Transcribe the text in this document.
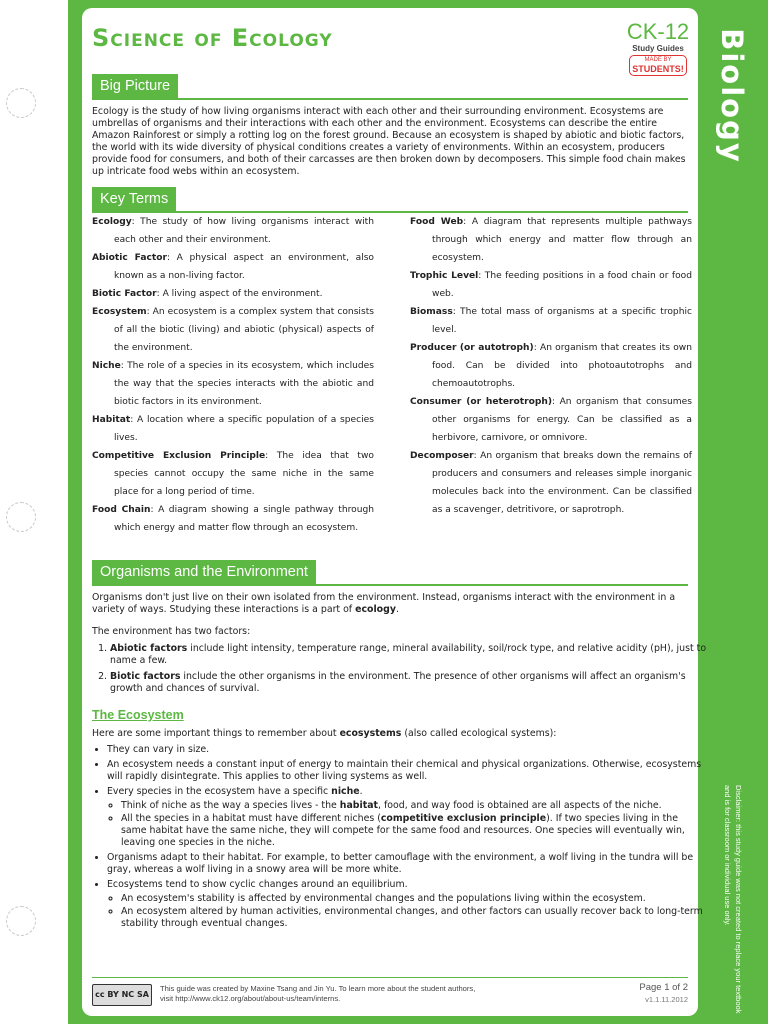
Biology
Disclaimer: this study guide was not created to replace your textbook and is for classroom or individual use only.
Science of Ecology	CK-12
Study Guides
MADE BY
STUDENTS!
Big Picture

Ecology is the study of how living organisms interact with each other and their surrounding environment. Ecosystems are umbrellas of organisms and their interactions with each other and the environment. Ecosystems can describe the entire Amazon Rainforest or simply a rotting log on the forest ground. Because an ecosystem is shaped by abiotic and biotic factors, the world with its wide diversity of physical conditions creates a variety of environments. Within an ecosystem, producers provide food for consumers, and both of their carcasses are then broken down by decomposers. This simple food chain makes up intricate food webs within an ecosystem.

Key Terms
Ecology: The study of how living organisms interact with each other and their environment.
Abiotic Factor: A physical aspect an environment, also known as a non-living factor.
Biotic Factor: A living aspect of the environment.
Ecosystem: An ecosystem is a complex system that consists of all the biotic (living) and abiotic (physical) aspects of the environment.
Niche: The role of a species in its ecosystem, which includes the way that the species interacts with the abiotic and biotic factors in its environment.
Habitat: A location where a specific population of a species lives.
Competitive Exclusion Principle: The idea that two species cannot occupy the same niche in the same place for a long period of time.
Food Chain: A diagram showing a single pathway through which energy and matter flow through an ecosystem.
Food Web: A diagram that represents multiple pathways through which energy and matter flow through an ecosystem.
Trophic Level: The feeding positions in a food chain or food web.
Biomass: The total mass of organisms at a specific trophic level.
Producer (or autotroph): An organism that creates its own food. Can be divided into photoautotrophs and chemoautotrophs.
Consumer (or heterotroph): An organism that consumes other organisms for energy. Can be classified as a herbivore, carnivore, or omnivore.
Decomposer: An organism that breaks down the remains of producers and consumers and releases simple inorganic molecules back into the environment. Can be classified as a scavenger, detritivore, or saprotroph.
Organisms and the Environment

Organisms don't just live on their own isolated from the environment. Instead, organisms interact with the environment in a variety of ways. Studying these interactions is a part of ecology.

The environment has two factors:

1. Abiotic factors include light intensity, temperature range, mineral availability, soil/rock type, and relative acidity (pH), just to name a few.
2. Biotic factors include the other organisms in the environment. The presence of other organisms will affect an organism's growth and chances of survival.
The Ecosystem

Here are some important things to remember about ecosystems (also called ecological systems):

• They can vary in size.
• An ecosystem needs a constant input of energy to maintain their chemical and physical organizations. Otherwise, ecosystems will rapidly disintegrate. This applies to other living systems as well.
• Every species in the ecosystem have a specific niche.
◦ Think of niche as the way a species lives - the habitat, food, and way food is obtained are all aspects of the niche.
◦ All the species in a habitat must have different niches (competitive exclusion principle). If two species living in the same habitat have the same niche, they will compete for the same food and resources. One species will eventually win, leaving one species in the niche.
• Organisms adapt to their habitat. For example, to better camouflage with the environment, a wolf living in the tundra will be gray, whereas a wolf living in a snowy area will be more white.
• Ecosystems tend to show cyclic changes around an equilibrium.
◦ An ecosystem's stability is affected by environmental changes and the populations living within the ecosystem.
◦ An ecosystem altered by human activities, environmental changes, and other factors can usually recover back to long-term stability through eventual changes.
cc BY NC SA
This guide was created by Maxine Tsang and Jin Yu. To learn more about the student authors, visit http://www.ck12.org/about/about-us/team/interns.
Page 1 of 2
v1.1.11.2012
